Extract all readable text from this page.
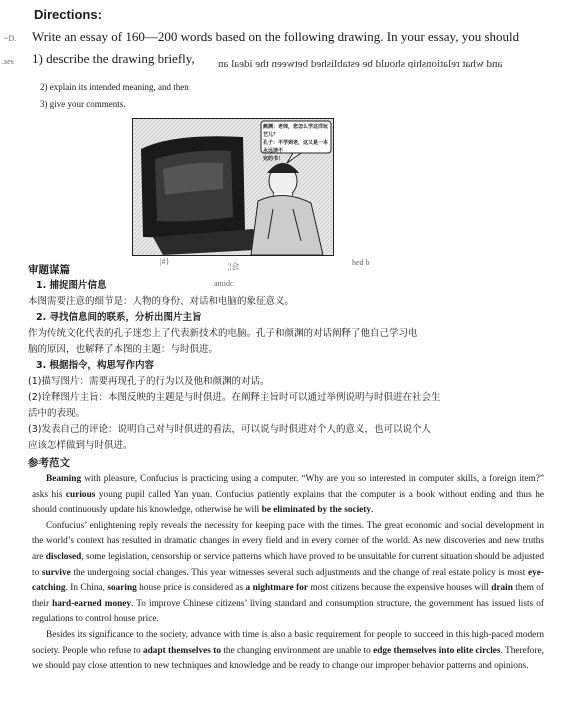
~D.
.ses
Directions:
Write an essay of 160—200 words based on the following drawing. In your essay, you should
1) describe the drawing briefly, and what relationship should be established between the ideal an
2) explain its intended meaning, and then
3) give your comments.
颜渊：老师，您怎么学这洋玩艺儿？
孔子：不学到老，这又是一本永远读不
完的书！
|#}
¦|会	hed b
amidc
审题谋篇
1. 捕捉图片信息
本图需要注意的细节是：人物的身份、对话和电脑的象征意义。
2. 寻找信息间的联系，分析出图片主旨
作为传统文化代表的孔子迷恋上了代表新技术的电脑。孔子和颜渊的对话阐释了他自己学习电
脑的原因，也解释了本图的主题：与时俱进。
3. 根据指令，构思写作内容
(1)描写图片：需要再现孔子的行为以及他和颜渊的对话。
(2)诠释图片主旨：本图反映的主题是与时俱进。在阐释主旨时可以通过举例说明与时俱进在社会生
活中的表现。
(3)发表自己的评论：说明自己对与时俱进的看法，可以说与时俱进对个人的意义，也可以说个人
应该怎样做到与时俱进。
参考范文

Beaming with pleasure, Confucius is practicing using a computer. “Why are you so interested in computer skills, a foreign item?” asks his curious young pupil called Yan yuan. Confucius patiently explains that the computer is a book without ending and thus he should continuously update his knowledge, otherwise he will be eliminated by the society.

Confucius’ enlightening reply reveals the necessity for keeping pace with the times. The great economic and social development in the world’s context has resulted in dramatic changes in every field and in every corner of the world. As new discoveries and new truths are disclosed, some legislation, censorship or service patterns which have proved to be unsuitable for current situation should be adjusted to survive the undergoing social changes. This year witnesses several such adjustments and the change of real estate policy is most eye-catching. In China, soaring house price is considered as a nightmare for most citizens because the expensive houses will drain them of their hard-earned money. To improve Chinese citizens’ living standard and consumption structure, the government has issued lists of regulations to control house price.

Besides its significance to the society, advance with time is also a basic requirement for people to succeed in this high-paced modern society. People who refuse to adapt themselves to the changing environment are unable to edge themselves into elite circles. Therefore, we should pay close attention to new techniques and knowledge and be ready to change our improper behavior patterns and opinions.
